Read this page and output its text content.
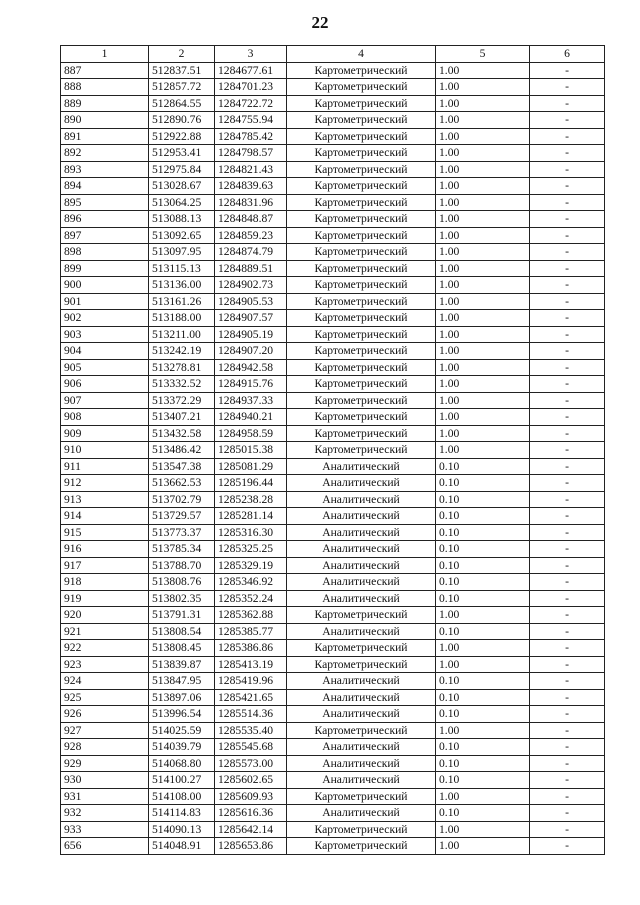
22
1	2	3	4	5	6
887	512837.51	1284677.61	Картометрический	1.00	-
888	512857.72	1284701.23	Картометрический	1.00	-
889	512864.55	1284722.72	Картометрический	1.00	-
890	512890.76	1284755.94	Картометрический	1.00	-
891	512922.88	1284785.42	Картометрический	1.00	-
892	512953.41	1284798.57	Картометрический	1.00	-
893	512975.84	1284821.43	Картометрический	1.00	-
894	513028.67	1284839.63	Картометрический	1.00	-
895	513064.25	1284831.96	Картометрический	1.00	-
896	513088.13	1284848.87	Картометрический	1.00	-
897	513092.65	1284859.23	Картометрический	1.00	-
898	513097.95	1284874.79	Картометрический	1.00	-
899	513115.13	1284889.51	Картометрический	1.00	-
900	513136.00	1284902.73	Картометрический	1.00	-
901	513161.26	1284905.53	Картометрический	1.00	-
902	513188.00	1284907.57	Картометрический	1.00	-
903	513211.00	1284905.19	Картометрический	1.00	-
904	513242.19	1284907.20	Картометрический	1.00	-
905	513278.81	1284942.58	Картометрический	1.00	-
906	513332.52	1284915.76	Картометрический	1.00	-
907	513372.29	1284937.33	Картометрический	1.00	-
908	513407.21	1284940.21	Картометрический	1.00	-
909	513432.58	1284958.59	Картометрический	1.00	-
910	513486.42	1285015.38	Картометрический	1.00	-
911	513547.38	1285081.29	Аналитический	0.10	-
912	513662.53	1285196.44	Аналитический	0.10	-
913	513702.79	1285238.28	Аналитический	0.10	-
914	513729.57	1285281.14	Аналитический	0.10	-
915	513773.37	1285316.30	Аналитический	0.10	-
916	513785.34	1285325.25	Аналитический	0.10	-
917	513788.70	1285329.19	Аналитический	0.10	-
918	513808.76	1285346.92	Аналитический	0.10	-
919	513802.35	1285352.24	Аналитический	0.10	-
920	513791.31	1285362.88	Картометрический	1.00	-
921	513808.54	1285385.77	Аналитический	0.10	-
922	513808.45	1285386.86	Картометрический	1.00	-
923	513839.87	1285413.19	Картометрический	1.00	-
924	513847.95	1285419.96	Аналитический	0.10	-
925	513897.06	1285421.65	Аналитический	0.10	-
926	513996.54	1285514.36	Аналитический	0.10	-
927	514025.59	1285535.40	Картометрический	1.00	-
928	514039.79	1285545.68	Аналитический	0.10	-
929	514068.80	1285573.00	Аналитический	0.10	-
930	514100.27	1285602.65	Аналитический	0.10	-
931	514108.00	1285609.93	Картометрический	1.00	-
932	514114.83	1285616.36	Аналитический	0.10	-
933	514090.13	1285642.14	Картометрический	1.00	-
656	514048.91	1285653.86	Картометрический	1.00	-
